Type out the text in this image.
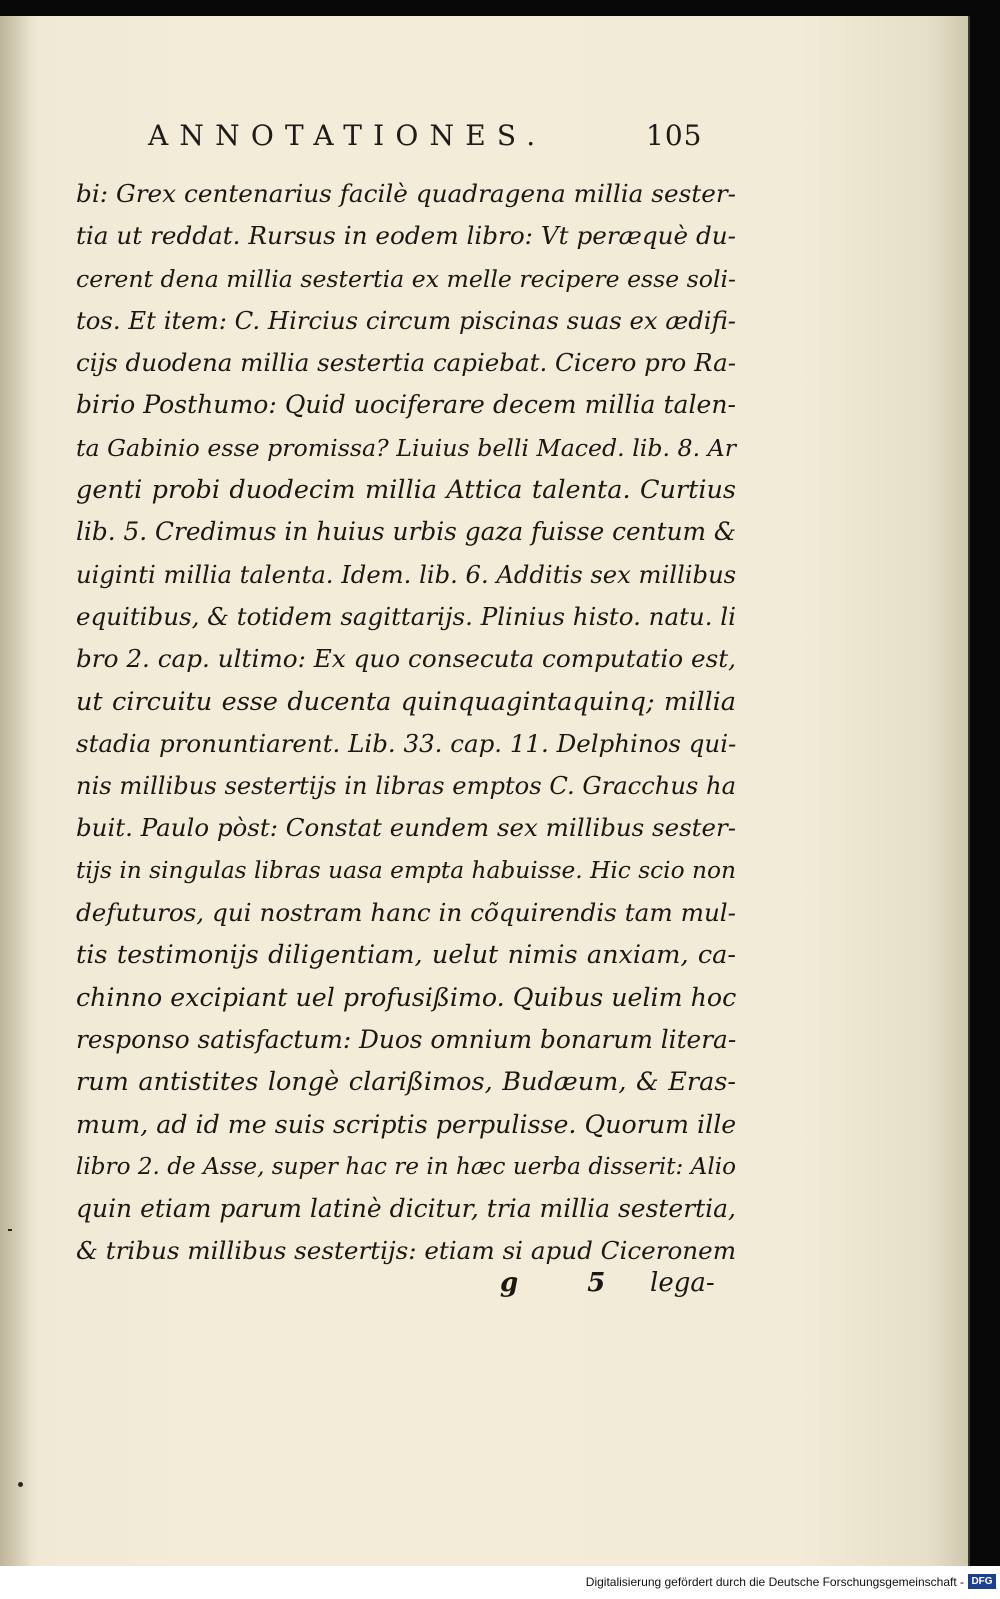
ANNOTATIONES.	105
bi: Grex centenarius facilè quadragena millia sester-
tia ut reddat. Rursus in eodem libro: Vt peræquè du-
cerent dena millia sestertia ex melle recipere esse soli-
tos. Et item: C. Hircius circum piscinas suas ex ædifi-
cijs duodena millia sestertia capiebat. Cicero pro Ra-
birio Posthumo: Quid uociferare decem millia talen-
ta Gabinio esse promissa? Liuius belli Maced. lib. 8. Ar
genti probi duodecim millia Attica talenta. Curtius
lib. 5. Credimus in huius urbis gaza fuisse centum &
uiginti millia talenta. Idem. lib. 6. Additis sex millibus
equitibus, & totidem sagittarijs. Plinius histo. natu. li
bro 2. cap. ultimo: Ex quo consecuta computatio est,
ut circuitu esse ducenta quinquagintaquinq; millia
stadia pronuntiarent. Lib. 33. cap. 11. Delphinos qui-
nis millibus sestertijs in libras emptos C. Gracchus ha
buit. Paulo pòst: Constat eundem sex millibus sester-
tijs in singulas libras uasa empta habuisse. Hic scio non
defuturos, qui nostram hanc in cõquirendis tam mul-
tis testimonijs diligentiam, uelut nimis anxiam, ca-
chinno excipiant uel profusißimo. Quibus uelim hoc
responso satisfactum: Duos omnium bonarum litera-
rum antistites longè clarißimos, Budæum, & Eras-
mum, ad id me suis scriptis perpulisse. Quorum ille
libro 2. de Asse, super hac re in hæc uerba disserit: Alio
quin etiam parum latinè dicitur, tria millia sestertia,
& tribus millibus sestertijs: etiam si apud Ciceronem
g 5 lega-
Digitalisierung gefördert durch die Deutsche Forschungsgemeinschaft - DFG
